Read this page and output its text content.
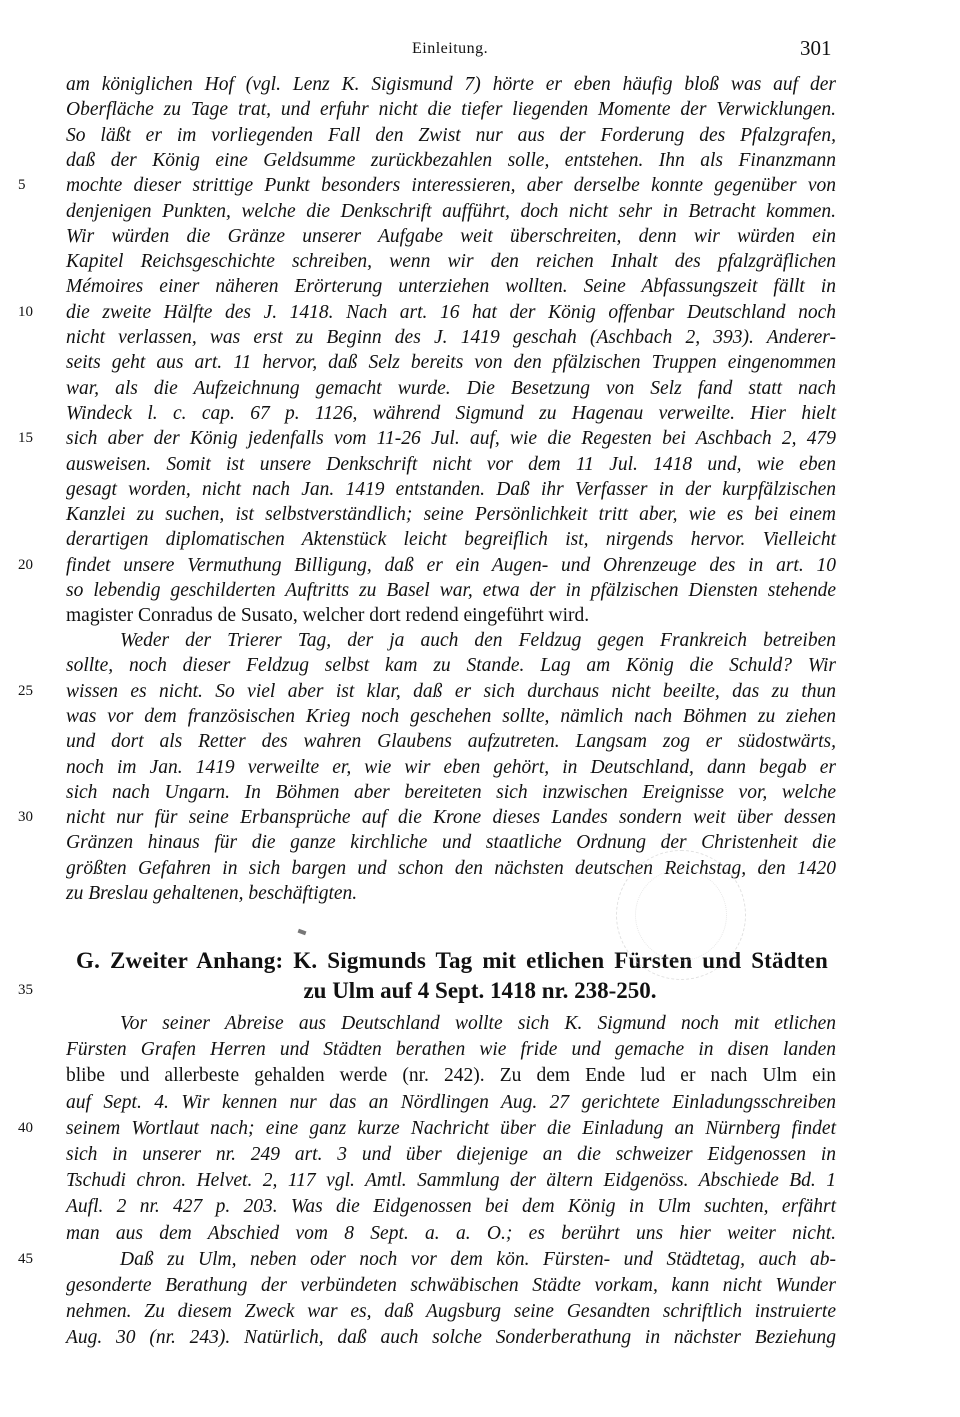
Einleitung.	301
am königlichen Hof (vgl. Lenz K. Sigismund 7) hörte er eben häufig bloß was auf der
Oberfläche zu Tage trat, und erfuhr nicht die tiefer liegenden Momente der Verwicklungen.
So läßt er im vorliegenden Fall den Zwist nur aus der Forderung des Pfalzgrafen,
daß der König eine Geldsumme zurückbezahlen solle, entstehen. Ihn als Finanzmann
5	mochte dieser strittige Punkt besonders interessieren, aber derselbe konnte gegenüber von
denjenigen Punkten, welche die Denkschrift aufführt, doch nicht sehr in Betracht kommen.
Wir würden die Gränze unserer Aufgabe weit überschreiten, denn wir würden ein
Kapitel Reichsgeschichte schreiben, wenn wir den reichen Inhalt des pfalzgräflichen
Mémoires einer näheren Erörterung unterziehen wollten. Seine Abfassungszeit fällt in
10	die zweite Hälfte des J. 1418. Nach art. 16 hat der König offenbar Deutschland noch
nicht verlassen, was erst zu Beginn des J. 1419 geschah (Aschbach 2, 393). Anderer-
seits geht aus art. 11 hervor, daß Selz bereits von den pfälzischen Truppen eingenommen
war, als die Aufzeichnung gemacht wurde. Die Besetzung von Selz fand statt nach
Windeck l. c. cap. 67 p. 1126, während Sigmund zu Hagenau verweilte. Hier hielt
15	sich aber der König jedenfalls vom 11-26 Jul. auf, wie die Regesten bei Aschbach 2, 479
ausweisen. Somit ist unsere Denkschrift nicht vor dem 11 Jul. 1418 und, wie eben
gesagt worden, nicht nach Jan. 1419 entstanden. Daß ihr Verfasser in der kurpfälzischen
Kanzlei zu suchen, ist selbstverständlich; seine Persönlichkeit tritt aber, wie es bei einem
derartigen diplomatischen Aktenstück leicht begreiflich ist, nirgends hervor. Vielleicht
20	findet unsere Vermuthung Billigung, daß er ein Augen- und Ohrenzeuge des in art. 10
so lebendig geschilderten Auftritts zu Basel war, etwa der in pfälzischen Diensten stehende
magister Conradus de Susato, welcher dort redend eingeführt wird.
Weder der Trierer Tag, der ja auch den Feldzug gegen Frankreich betreiben
sollte, noch dieser Feldzug selbst kam zu Stande. Lag am König die Schuld? Wir
25	wissen es nicht. So viel aber ist klar, daß er sich durchaus nicht beeilte, das zu thun
was vor dem französischen Krieg noch geschehen sollte, nämlich nach Böhmen zu ziehen
und dort als Retter des wahren Glaubens aufzutreten. Langsam zog er südostwärts,
noch im Jan. 1419 verweilte er, wie wir eben gehört, in Deutschland, dann begab er
sich nach Ungarn. In Böhmen aber bereiteten sich inzwischen Ereignisse vor, welche
30	nicht nur für seine Erbansprüche auf die Krone dieses Landes sondern weit über dessen
Gränzen hinaus für die ganze kirchliche und staatliche Ordnung der Christenheit die
größten Gefahren in sich bargen und schon den nächsten deutschen Reichstag, den 1420
zu Breslau gehaltenen, beschäftigten.
G. Zweiter Anhang: K. Sigmunds Tag mit etlichen Fürsten und Städten
zu Ulm auf 4 Sept. 1418 nr. 238-250.
35
Vor seiner Abreise aus Deutschland wollte sich K. Sigmund noch mit etlichen
Fürsten Grafen Herren und Städten berathen wie fride und gemache in disen landen
blibe und allerbeste gehalden werde (nr. 242). Zu dem Ende lud er nach Ulm ein
auf Sept. 4. Wir kennen nur das an Nördlingen Aug. 27 gerichtete Einladungsschreiben
40	seinem Wortlaut nach; eine ganz kurze Nachricht über die Einladung an Nürnberg findet
sich in unserer nr. 249 art. 3 und über diejenige an die schweizer Eidgenossen in
Tschudi chron. Helvet. 2, 117 vgl. Amtl. Sammlung der ältern Eidgenöss. Abschiede Bd. 1
Aufl. 2 nr. 427 p. 203. Was die Eidgenossen bei dem König in Ulm suchten, erfährt
man aus dem Abschied vom 8 Sept. a. a. O.; es berührt uns hier weiter nicht.
45	Daß zu Ulm, neben oder noch vor dem kön. Fürsten- und Städtetag, auch ab-
gesonderte Berathung der verbündeten schwäbischen Städte vorkam, kann nicht Wunder
nehmen. Zu diesem Zweck war es, daß Augsburg seine Gesandten schriftlich instruierte
Aug. 30 (nr. 243). Natürlich, daß auch solche Sonderberathung in nächster Beziehung
